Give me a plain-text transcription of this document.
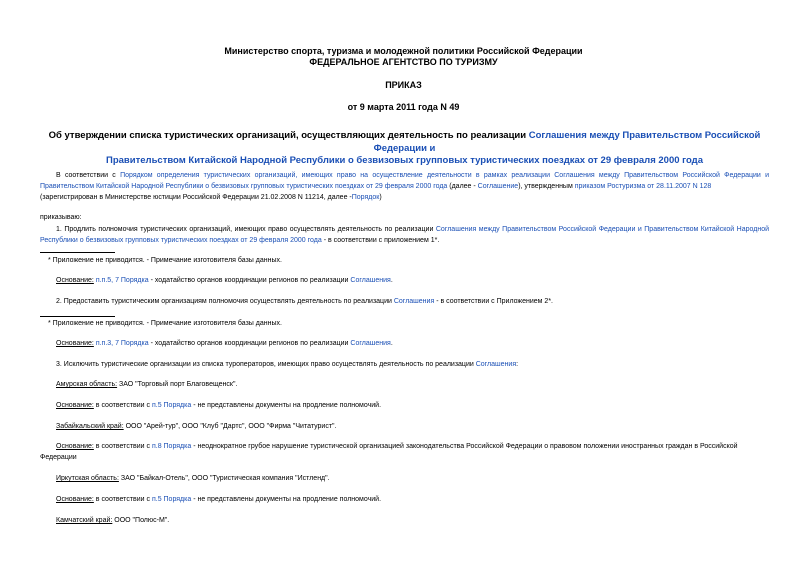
Министерство спорта, туризма и молодежной политики Российской Федерации
ФЕДЕРАЛЬНОЕ АГЕНТСТВО ПО ТУРИЗМУ
ПРИКАЗ
от 9 марта 2011 года N 49
Об утверждении списка туристических организаций, осуществляющих деятельность по реализации Соглашения между Правительством Российской Федерации и
Правительством Китайской Народной Республики о безвизовых групповых туристических поездках от 29 февраля 2000 года
В соответствии с Порядком определения туристических организаций, имеющих право на осуществление деятельности в рамках реализации Соглашения между Правительством Российской Федерации и Правительством Китайской Народной Республики о безвизовых групповых туристических поездках от 29 февраля 2000 года (далее - Соглашение), утвержденным приказом Ростуризма от 28.11.2007 N 128
(зарегистрирован в Министерстве юстиции Российской Федерации 21.02.2008 N 11214, далее -Порядок)
приказываю:
1. Продлить полномочия туристических организаций, имеющих право осуществлять деятельность по реализации Соглашения между Правительством Российской Федерации и Правительством Китайской Народной Республики о безвизовых групповых туристических поездках от 29 февраля 2000 года - в соответствии с приложением 1*.
* Приложение не приводится. - Примечание изготовителя базы данных.
Основание: п.п.5, 7 Порядка - ходатайство органов координации регионов по реализации Соглашения.
2. Предоставить туристическим организациям полномочия осуществлять деятельность по реализации Соглашения - в соответствии с Приложением 2*.
* Приложение не приводится. - Примечание изготовителя базы данных.
Основание: п.п.3, 7 Порядка - ходатайство органов координации регионов по реализации Соглашения.
3. Исключить туристические организации из списка туроператоров, имеющих право осуществлять деятельность по реализации Соглашения:
Амурская область: ЗАО "Торговый порт Благовещенск".
Основание: в соответствии с п.5 Порядка - не представлены документы на продление полномочий.
Забайкальский край: ООО "Арей-тур", ООО "Клуб "Дартс", ООО "Фирма "Читатурист".
Основание: в соответствии с п.8 Порядка - неоднократное грубое нарушение туристической организацией законодательства Российской Федерации о правовом положении иностранных граждан в Российской
Федерации
Иркутская область: ЗАО "Байкал-Отель", ООО "Туристическая компания "Истленд".
Основание: в соответствии с п.5 Порядка - не представлены документы на продление полномочий.
Камчатский край: ООО "Полюс-М".
